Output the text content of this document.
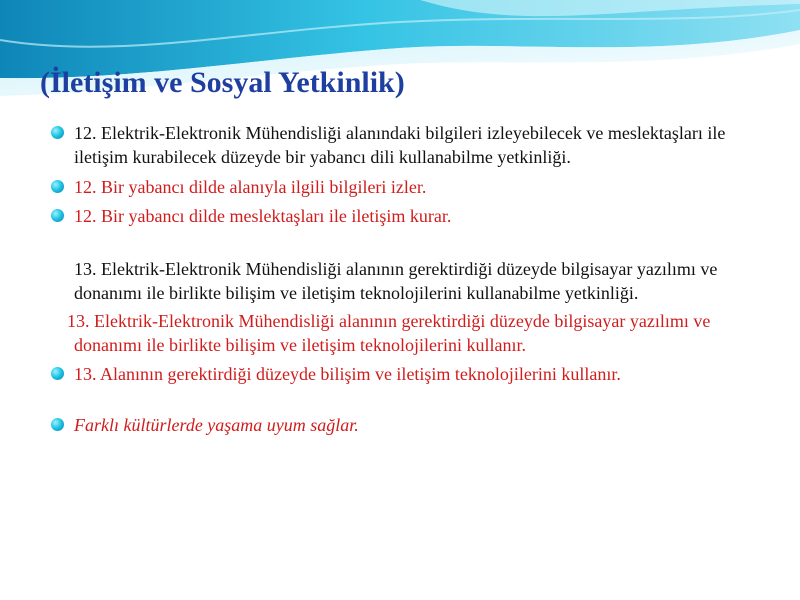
(İletişim ve Sosyal Yetkinlik)
12. Elektrik-Elektronik Mühendisliği alanındaki bilgileri izleyebilecek ve meslektaşları ile iletişim kurabilecek düzeyde bir yabancı dili kullanabilme yetkinliği.
12. Bir yabancı dilde alanıyla ilgili bilgileri izler.
12. Bir yabancı dilde meslektaşları ile iletişim kurar.
13. Elektrik-Elektronik Mühendisliği alanının gerektirdiği düzeyde bilgisayar yazılımı ve donanımı ile birlikte bilişim ve iletişim teknolojilerini kullanabilme yetkinliği.
13. Elektrik-Elektronik Mühendisliği alanının gerektirdiği düzeyde bilgisayar yazılımı ve donanımı ile birlikte bilişim ve iletişim teknolojilerini kullanır.
13. Alanının gerektirdiği düzeyde bilişim ve iletişim teknolojilerini kullanır.
Farklı kültürlerde yaşama uyum sağlar.
